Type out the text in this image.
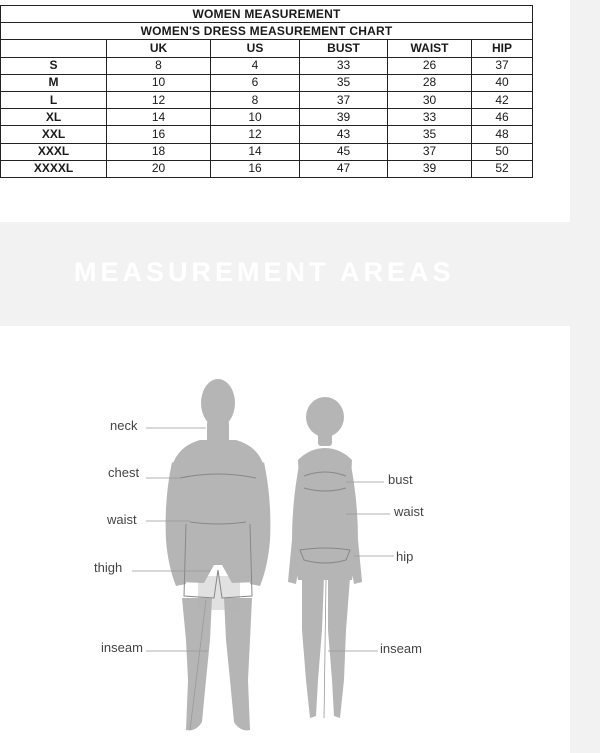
WOMEN MEASUREMENT					
WOMEN'S DRESS MEASUREMENT CHART					
	UK	US	BUST	WAIST	HIP
S	8	4	33	26	37
M	10	6	35	28	40
L	12	8	37	30	42
XL	14	10	39	33	46
XXL	16	12	43	35	48
XXXL	18	14	45	37	50
XXXXL	20	16	47	39	52
MEASUREMENT AREAS
neck
chest
waist
thigh
inseam
bust
waist
hip
inseam
